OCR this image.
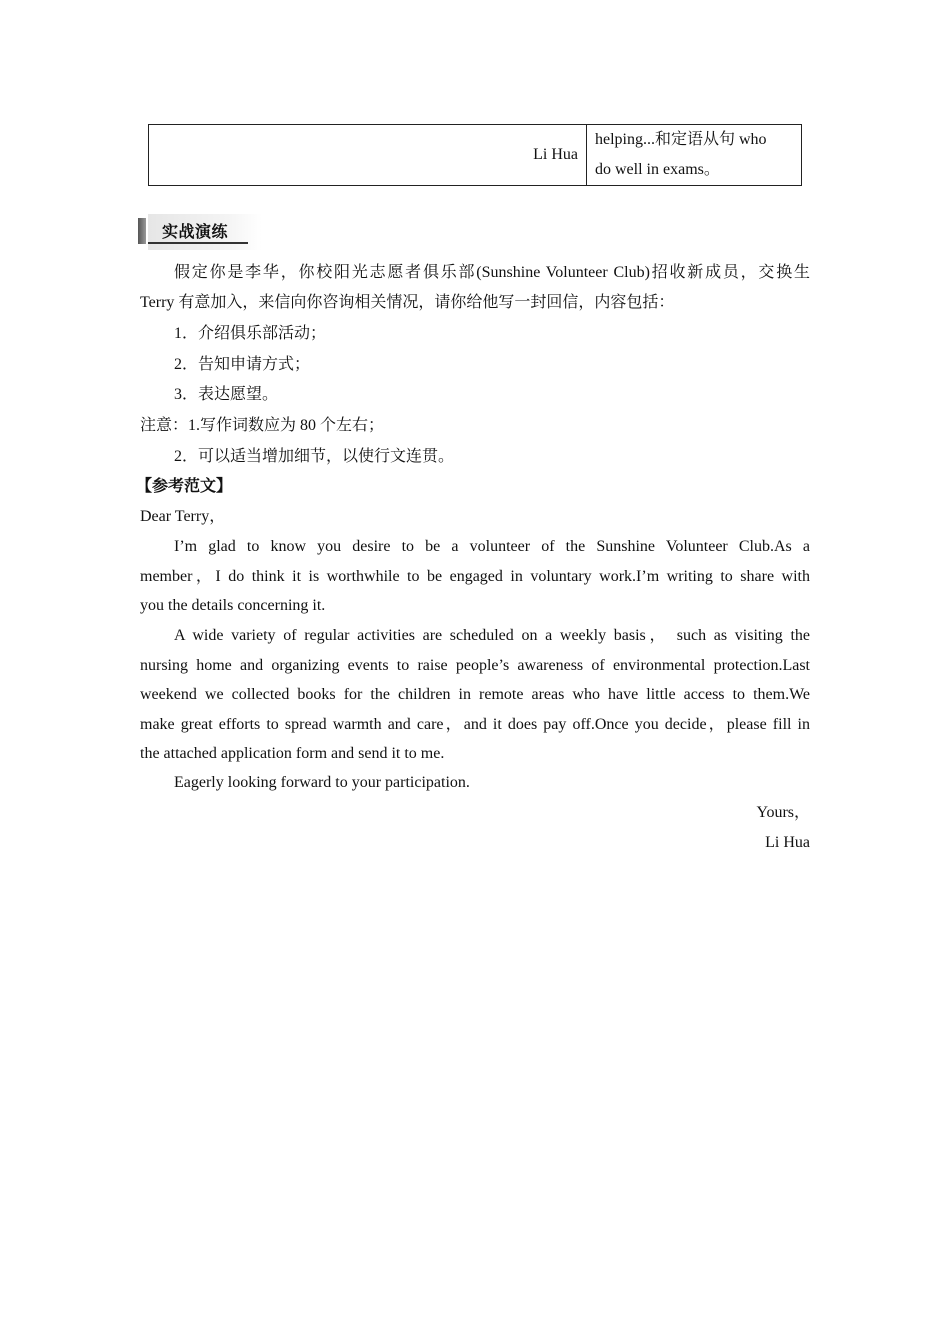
Li Hua
helping...和定语从句 who
do well in exams。
实战演练
假定你是李华，你校阳光志愿者俱乐部(Sunshine Volunteer Club)招收新成员，交换生
Terry 有意加入，来信向你咨询相关情况，请你给他写一封回信，内容包括：
1．介绍俱乐部活动；
2．告知申请方式；
3．表达愿望。
注意：1.写作词数应为 80 个左右；
2．可以适当增加细节，以使行文连贯。
【参考范文】
Dear Terry，
I’m glad to know you desire to be a volunteer of the Sunshine Volunteer Club.As a
member，I do think it is worthwhile to be engaged in voluntary work.I’m writing to share with
you the details concerning it.
A wide variety of regular activities are scheduled on a weekly basis， such as visiting the
nursing home and organizing events to raise people’s awareness of environmental protection.Last
weekend we collected books for the children in remote areas who have little access to them.We
make great efforts to spread warmth and care，and it does pay off.Once you decide，please fill in
the attached application form and send it to me.
Eagerly looking forward to your participation.
Yours，
Li Hua
